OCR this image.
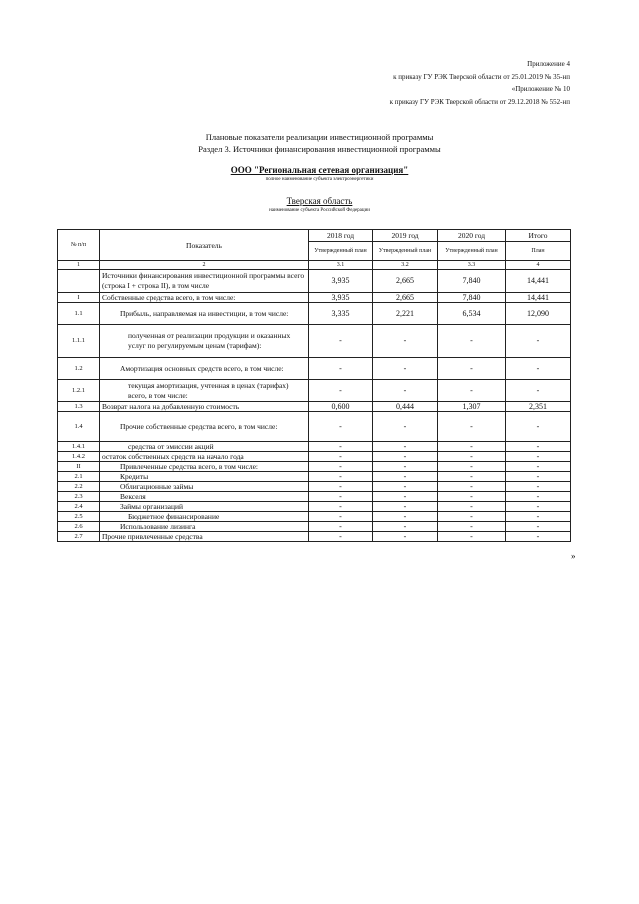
Приложение 4
к приказу ГУ РЭК Тверской области от 25.01.2019 № 35-нп
«Приложение № 10
к приказу ГУ РЭК Тверской области от 29.12.2018 № 552-нп
Плановые показатели реализации инвестиционной программы
Раздел 3. Источники финансирования инвестиционной программы
ООО "Региональная сетевая организация"
полное наименование субъекта электроэнергетики
Тверская область
наименование субъекта Российской Федерации
№ п/п	Показатель	2018 год	2019 год	2020 год	Итого
		Утвержденный план	Утвержденный план	Утвержденный план	План
1	2	3.1	3.2	3.3	4
	Источники финансирования инвестиционной программы всего (строка I + строка II), в том числе	3,935	2,665	7,840	14,441
I	Собственные средства всего, в том числе:	3,935	2,665	7,840	14,441
1.1	Прибыль, направляемая на инвестиции, в том числе:	3,335	2,221	6,534	12,090
1.1.1	полученная от реализации продукции и оказанных услуг по регулируемым ценам (тарифам):	-	-	-	-
1.2	Амортизация основных средств всего, в том числе:	-	-	-	-
1.2.1	текущая амортизация, учтенная в ценах (тарифах) всего, в том числе:	-	-	-	-
1.3	Возврат налога на добавленную стоимость	0,600	0,444	1,307	2,351
1.4	Прочие собственные средства всего, в том числе:	-	-	-	-
1.4.1	средства от эмиссии акций	-	-	-	-
1.4.2	остаток собственных средств на начало года	-	-	-	-
II	Привлеченные средства всего, в том числе:	-	-	-	-
2.1	Кредиты	-	-	-	-
2.2	Облигационные займы	-	-	-	-
2.3	Векселя	-	-	-	-
2.4	Займы организаций	-	-	-	-
2.5	Бюджетное финансирование	-	-	-	-
2.6	Использование лизинга	-	-	-	-
2.7	Прочие привлеченные средства	-	-	-	-
»
